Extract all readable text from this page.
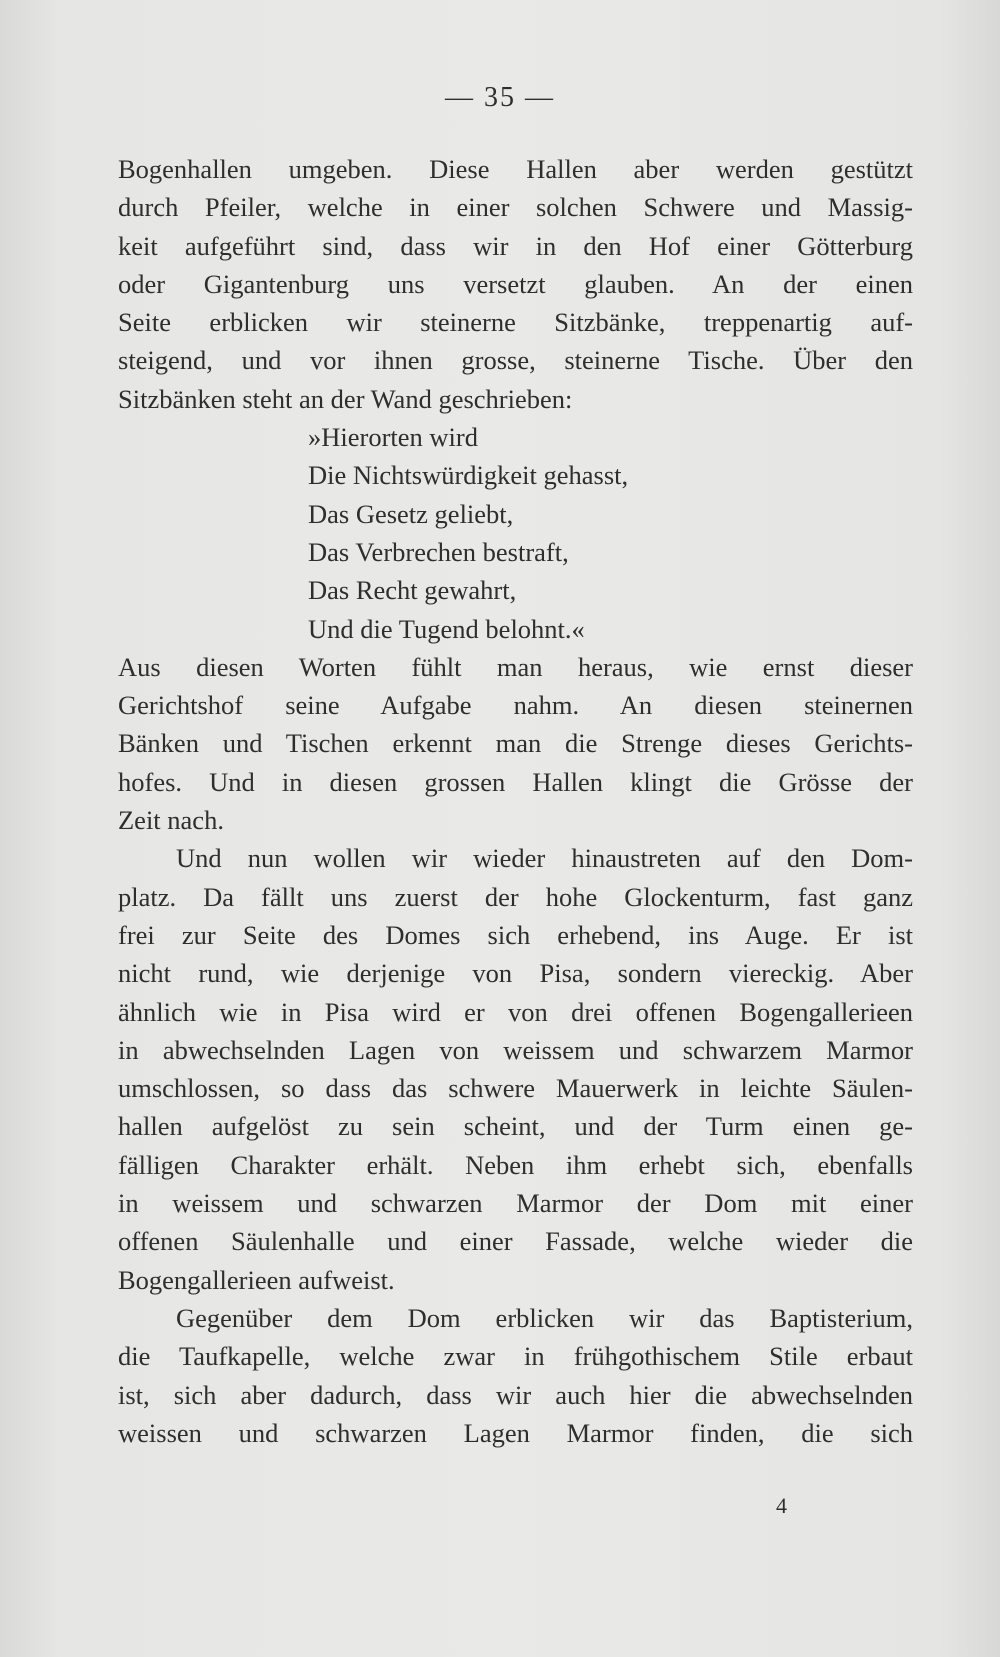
— 35 —
Bogenhallen umgeben. Diese Hallen aber werden gestützt
durch Pfeiler, welche in einer solchen Schwere und Massig-
keit aufgeführt sind, dass wir in den Hof einer Götterburg
oder Gigantenburg uns versetzt glauben. An der einen
Seite erblicken wir steinerne Sitzbänke, treppenartig auf-
steigend, und vor ihnen grosse, steinerne Tische. Über den
Sitzbänken steht an der Wand geschrieben:
»Hierorten wird
Die Nichtswürdigkeit gehasst,
Das Gesetz geliebt,
Das Verbrechen bestraft,
Das Recht gewahrt,
Und die Tugend belohnt.«
Aus diesen Worten fühlt man heraus, wie ernst dieser
Gerichtshof seine Aufgabe nahm. An diesen steinernen
Bänken und Tischen erkennt man die Strenge dieses Gerichts-
hofes. Und in diesen grossen Hallen klingt die Grösse der
Zeit nach.
Und nun wollen wir wieder hinaustreten auf den Dom-
platz. Da fällt uns zuerst der hohe Glockenturm, fast ganz
frei zur Seite des Domes sich erhebend, ins Auge. Er ist
nicht rund, wie derjenige von Pisa, sondern viereckig. Aber
ähnlich wie in Pisa wird er von drei offenen Bogengallerieen
in abwechselnden Lagen von weissem und schwarzem Marmor
umschlossen, so dass das schwere Mauerwerk in leichte Säulen-
hallen aufgelöst zu sein scheint, und der Turm einen ge-
fälligen Charakter erhält. Neben ihm erhebt sich, ebenfalls
in weissem und schwarzen Marmor der Dom mit einer
offenen Säulenhalle und einer Fassade, welche wieder die
Bogengallerieen aufweist.
Gegenüber dem Dom erblicken wir das Baptisterium,
die Taufkapelle, welche zwar in frühgothischem Stile erbaut
ist, sich aber dadurch, dass wir auch hier die abwechselnden
weissen und schwarzen Lagen Marmor finden, die sich
4
